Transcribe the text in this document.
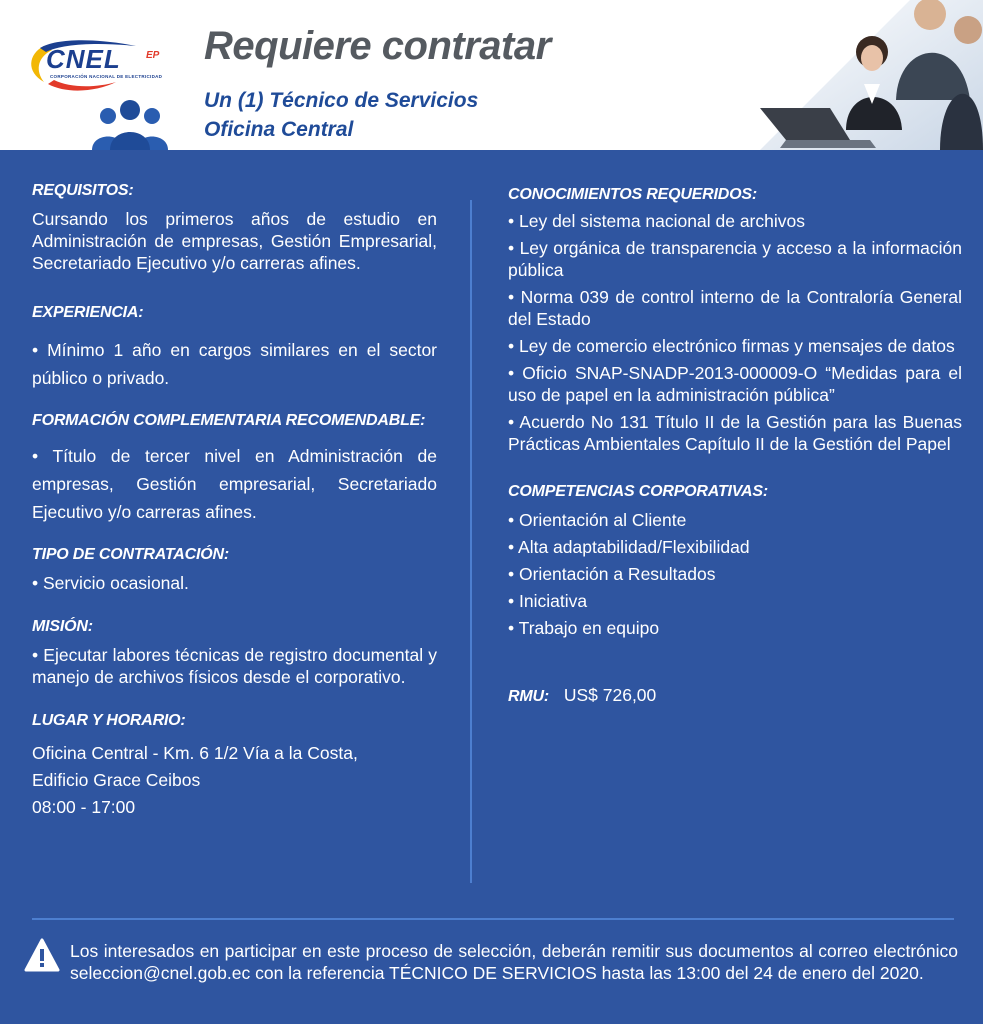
CNEL	EP
CORPORACIÓN NACIONAL DE ELECTRICIDAD
Requiere contratar
Un (1) Técnico de Servicios
Oficina Central
REQUISITOS:
Cursando los primeros años de estudio en Administración de empresas, Gestión Empresarial, Secretariado Ejecutivo y/o carreras afines.
EXPERIENCIA:
• Mínimo 1 año en cargos similares en el sector público o privado.
FORMACIÓN COMPLEMENTARIA RECOMENDABLE:
• Título de tercer nivel en Administración de empresas, Gestión empresarial, Secretariado Ejecutivo y/o carreras afines.
TIPO DE CONTRATACIÓN:
• Servicio ocasional.
MISIÓN:
• Ejecutar labores técnicas de registro documental y manejo de archivos físicos desde el corporativo.
LUGAR Y HORARIO:
Oficina Central - Km. 6 1/2 Vía a la Costa,
Edificio Grace Ceibos
08:00 - 17:00
CONOCIMIENTOS REQUERIDOS:
• Ley del sistema nacional de archivos
• Ley orgánica de transparencia y acceso a la información pública
• Norma 039 de control interno de la Contraloría General del Estado
• Ley de comercio electrónico firmas y mensajes de datos
• Oficio SNAP-SNADP-2013-000009-O “Medidas para el uso de papel en la administración pública”
• Acuerdo No 131 Título II de la Gestión para las Buenas Prácticas Ambientales Capítulo II de la Gestión del Papel
COMPETENCIAS CORPORATIVAS:
• Orientación al Cliente
• Alta adaptabilidad/Flexibilidad
• Orientación a Resultados
• Iniciativa
• Trabajo en equipo
RMU: US$ 726,00
Los interesados en participar en este proceso de selección, deberán remitir sus documentos al correo electrónico seleccion@cnel.gob.ec con la referencia TÉCNICO DE SERVICIOS hasta las 13:00 del 24 de enero del 2020.
